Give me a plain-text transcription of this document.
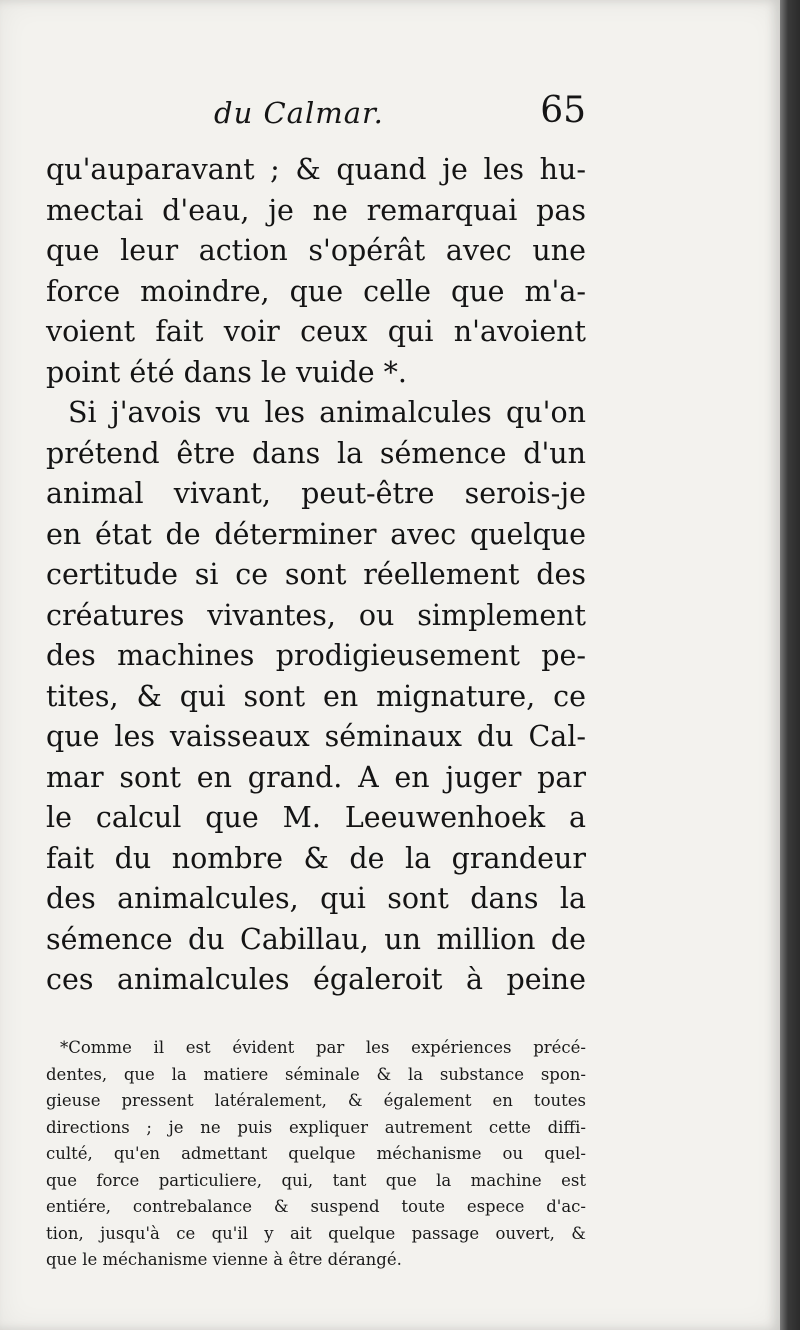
du Calmar.	65
qu'auparavant ; & quand je les hu-
mectai d'eau, je ne remarquai pas
que leur action s'opérât avec une
force moindre, que celle que m'a-
voient fait voir ceux qui n'avoient
point été dans le vuide *.
Si j'avois vu les animalcules qu'on
prétend être dans la sémence d'un
animal vivant, peut-être serois-je
en état de déterminer avec quelque
certitude si ce sont réellement des
créatures vivantes, ou simplement
des machines prodigieusement pe-
tites, & qui sont en mignature, ce
que les vaisseaux séminaux du Cal-
mar sont en grand. A en juger par
le calcul que M. Leeuwenhoek a
fait du nombre & de la grandeur
des animalcules, qui sont dans la
sémence du Cabillau, un million de
ces animalcules égaleroit à peine
*Comme il est évident par les expériences précé-
dentes, que la matiere séminale & la substance spon-
gieuse pressent latéralement, & également en toutes
directions ; je ne puis expliquer autrement cette diffi-
culté, qu'en admettant quelque méchanisme ou quel-
que force particuliere, qui, tant que la machine est
entiére, contrebalance & suspend toute espece d'ac-
tion, jusqu'à ce qu'il y ait quelque passage ouvert, &
que le méchanisme vienne à être dérangé.
